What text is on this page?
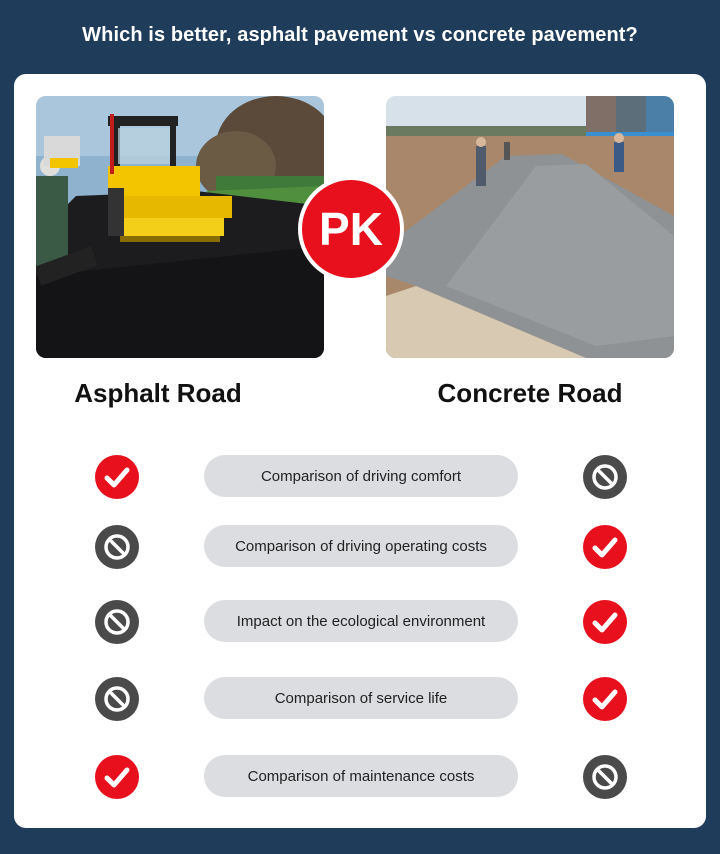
Which is better, asphalt pavement vs concrete pavement?
PK
Asphalt Road	Concrete Road
Comparison of driving comfort
Comparison of driving operating costs
Impact on the ecological environment
Comparison of service life
Comparison of maintenance costs
